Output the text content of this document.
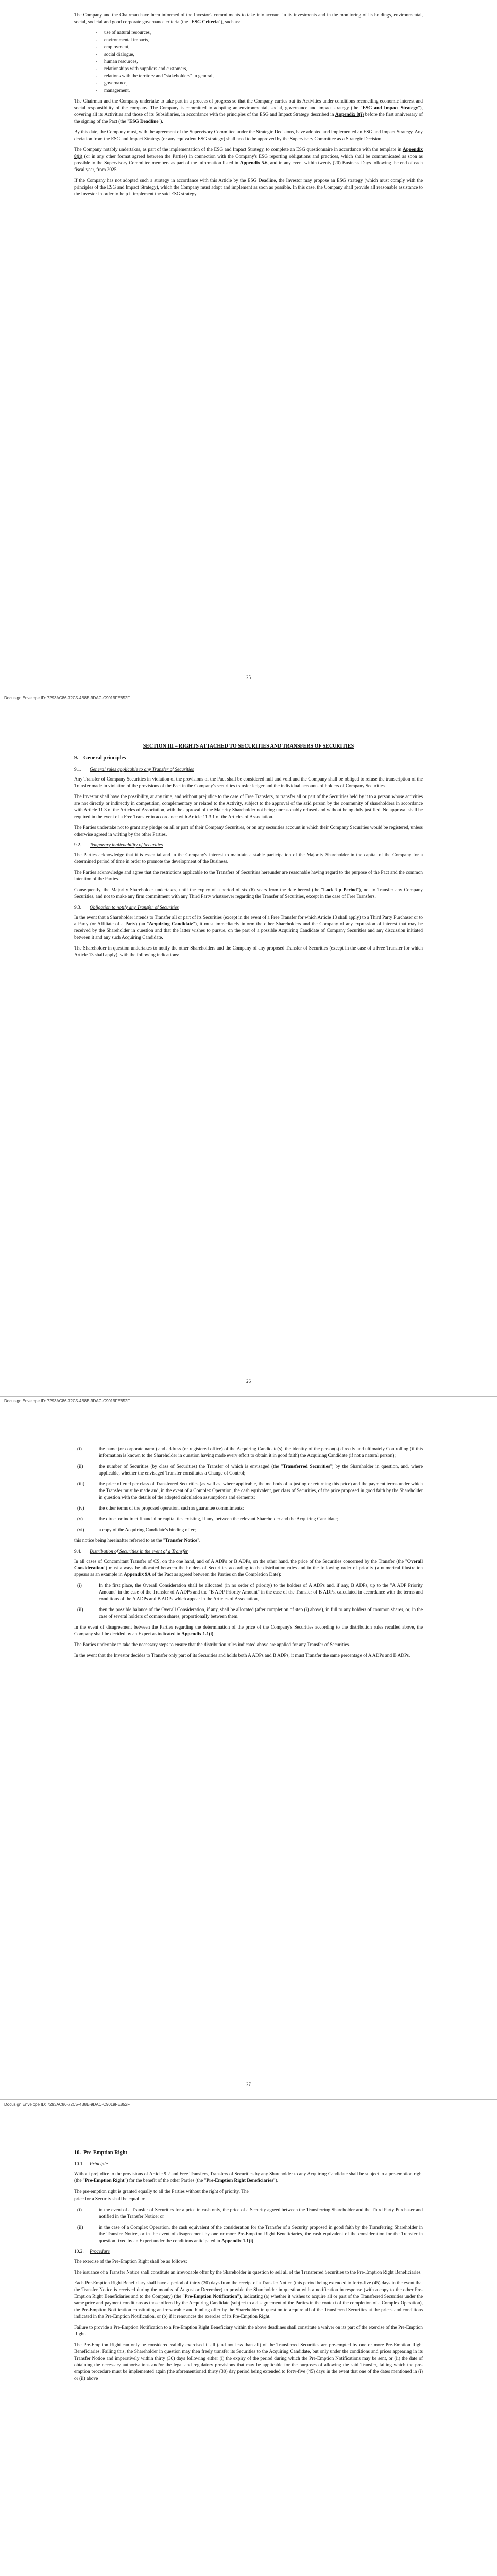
The Company and the Chairman have been informed of the Investor's commitments to take into account in its investments and in the monitoring of its holdings, environmental, social, societal and good corporate governance criteria (the "ESG Criteria"), such as:

- use of natural resources,
- environmental impacts,
- employment,
- social dialogue,
- human resources,
- relationships with suppliers and customers,
- relations with the territory and "stakeholders" in general,
- governance,
- management.

The Chairman and the Company undertake to take part in a process of progress so that the Company carries out its Activities under conditions reconciling economic interest and social responsibility of the company. The Company is committed to adopting an environmental, social, governance and impact strategy (the "ESG and Impact Strategy"), covering all its Activities and those of its Subsidiaries, in accordance with the principles of the ESG and Impact Strategy described in Appendix 8(i) before the first anniversary of the signing of the Pact (the "ESG Deadline").

By this date, the Company must, with the agreement of the Supervisory Committee under the Strategic Decisions, have adopted and implemented an ESG and Impact Strategy. Any deviation from the ESG and Impact Strategy (or any equivalent ESG strategy) shall need to be approved by the Supervisory Committee as a Strategic Decision.

The Company notably undertakes, as part of the implementation of the ESG and Impact Strategy, to complete an ESG questionnaire in accordance with the template in Appendix 8(ii) (or in any other format agreed between the Parties) in connection with the Company's ESG reporting obligations and practices, which shall be communicated as soon as possible to the Supervisory Committee members as part of the information listed in Appendix 5.6, and in any event within twenty (20) Business Days following the end of each fiscal year, from 2025.

If the Company has not adopted such a strategy in accordance with this Article by the ESG Deadline, the Investor may propose an ESG strategy (which must comply with the principles of the ESG and Impact Strategy), which the Company must adopt and implement as soon as possible. In this case, the Company shall provide all reasonable assistance to the Investor in order to help it implement the said ESG strategy.

25
Docusign Envelope ID: 7293AC86-72C5-4B8E-9DAC-C9019FE852F
SECTION III – RIGHTS ATTACHED TO SECURITIES AND TRANSFERS OF SECURITIES
9. General principles
9.1. General rules applicable to any Transfer of Securities

Any Transfer of Company Securities in violation of the provisions of the Pact shall be considered null and void and the Company shall be obliged to refuse the transcription of the Transfer made in violation of the provisions of the Pact in the Company's securities transfer ledger and the individual accounts of holders of Company Securities.

The Investor shall have the possibility, at any time, and without prejudice to the case of Free Transfers, to transfer all or part of the Securities held by it to a person whose activities are not directly or indirectly in competition, complementary or related to the Activity, subject to the approval of the said person by the community of shareholders in accordance with Article 11.3 of the Articles of Association, with the approval of the Majority Shareholder not being unreasonably refused and without being duly justified. No approval shall be required in the event of a Free Transfer in accordance with Article 11.3.1 of the Articles of Association.

The Parties undertake not to grant any pledge on all or part of their Company Securities, or on any securities account in which their Company Securities would be registered, unless otherwise agreed in writing by the other Parties.

9.2. Temporary inalienability of Securities

The Parties acknowledge that it is essential and in the Company's interest to maintain a stable participation of the Majority Shareholder in the capital of the Company for a determined period of time in order to promote the development of the Business.

The Parties acknowledge and agree that the restrictions applicable to the Transfers of Securities hereunder are reasonable having regard to the purpose of the Pact and the common intention of the Parties.

Consequently, the Majority Shareholder undertakes, until the expiry of a period of six (6) years from the date hereof (the "Lock-Up Period"), not to Transfer any Company Securities, and not to make any firm commitment with any Third Party whatsoever regarding the Transfer of Securities, except in the case of Free Transfers.

9.3. Obligation to notify any Transfer of Securities

In the event that a Shareholder intends to Transfer all or part of its Securities (except in the event of a Free Transfer for which Article 13 shall apply) to a Third Party Purchaser or to a Party (or Affiliate of a Party) (an "Acquiring Candidate"), it must immediately inform the other Shareholders and the Company of any expression of interest that may be received by the Shareholder in question and that the latter wishes to pursue, on the part of a possible Acquiring Candidate of Company Securities and any discussion initiated between it and any such Acquiring Candidate.

The Shareholder in question undertakes to notify the other Shareholders and the Company of any proposed Transfer of Securities (except in the case of a Free Transfer for which Article 13 shall apply), with the following indications:

26
Docusign Envelope ID: 7293AC86-72C5-4B8E-9DAC-C9019FE852F
(i)	the name (or corporate name) and address (or registered office) of the Acquiring Candidate(s), the identity of the person(s) directly and ultimately Controlling (if this information is known to the Shareholder in question having made every effort to obtain it in good faith) the Acquiring Candidate (if not a natural person);
(ii)	the number of Securities (by class of Securities) the Transfer of which is envisaged (the "Transferred Securities") by the Shareholder in question, and, where applicable, whether the envisaged Transfer constitutes a Change of Control;
(iii)	the price offered per class of Transferred Securities (as well as, where applicable, the methods of adjusting or returning this price) and the payment terms under which the Transfer must be made and, in the event of a Complex Operation, the cash equivalent, per class of Securities, of the price proposed in good faith by the Shareholder in question with the details of the adopted calculation assumptions and elements;
(iv)	the other terms of the proposed operation, such as guarantee commitments;
(v)	the direct or indirect financial or capital ties existing, if any, between the relevant Shareholder and the Acquiring Candidate;
(vi)	a copy of the Acquiring Candidate's binding offer;

this notice being hereinafter referred to as the "Transfer Notice".

9.4. Distribution of Securities in the event of a Transfer

In all cases of Concomitant Transfer of CS, on the one hand, and of A ADPs or B ADPs, on the other hand, the price of the Securities concerned by the Transfer (the "Overall Consideration") must always be allocated between the holders of Securities according to the distribution rules and in the following order of priority (a numerical illustration appears as an example in Appendix 9A of the Pact as agreed between the Parties on the Completion Date):

(i)	In the first place, the Overall Consideration shall be allocated (in no order of priority) to the holders of A ADPs and, if any, B ADPs, up to the "A ADP Priority Amount" in the case of the Transfer of A ADPs and the "B ADP Priority Amount" in the case of the Transfer of B ADPs, calculated in accordance with the terms and conditions of the A ADPs and B ADPs which appear in the Articles of Association,
(ii)	then the possible balance of the Overall Consideration, if any, shall be allocated (after completion of step (i) above), in full to any holders of common shares, or, in the case of several holders of common shares, proportionally between them.

In the event of disagreement between the Parties regarding the determination of the price of the Company's Securities according to the distribution rules recalled above, the Company shall be decided by an Expert as indicated in Appendix 1.1(i).

The Parties undertake to take the necessary steps to ensure that the distribution rules indicated above are applied for any Transfer of Securities.

In the event that the Investor decides to Transfer only part of its Securities and holds both A ADPs and B ADPs, it must Transfer the same percentage of A ADPs and B ADPs.

27
Docusign Envelope ID: 7293AC86-72C5-4B8E-9DAC-C9019FE852F
10. Pre-Emption Right
10.1. Principle

Without prejudice to the provisions of Article 9.2 and Free Transfers, Transfers of Securities by any Shareholder to any Acquiring Candidate shall be subject to a pre-emption right (the "Pre-Emption Right") for the benefit of the other Parties (the "Pre-Emption Right Beneficiaries").

The pre-emption right is granted equally to all the Parties without the right of priority. The

price for a Security shall be equal to:

(i)	in the event of a Transfer of Securities for a price in cash only, the price of a Security agreed between the Transferring Shareholder and the Third Party Purchaser and notified in the Transfer Notice; or
(ii)	in the case of a Complex Operation, the cash equivalent of the consideration for the Transfer of a Security proposed in good faith by the Transferring Shareholder in the Transfer Notice, or in the event of disagreement by one or more Pre-Emption Right Beneficiaries, the cash equivalent of the consideration for the Transfer in question fixed by an Expert under the conditions anticipated in Appendix 1.1(i).
10.2. Procedure

The exercise of the Pre-Emption Right shall be as follows:

The issuance of a Transfer Notice shall constitute an irrevocable offer by the Shareholder in question to sell all of the Transferred Securities to the Pre-Emption Right Beneficiaries.

Each Pre-Emption Right Beneficiary shall have a period of thirty (30) days from the receipt of a Transfer Notice (this period being extended to forty-five (45) days in the event that the Transfer Notice is received during the months of August or December) to provide the Shareholder in question with a notification in response (with a copy to the other Pre-Emption Right Beneficiaries and to the Company) (the "Pre-Emption Notification"), indicating (a) whether it wishes to acquire all or part of the Transferred Securities under the same price and payment conditions as those offered by the Acquiring Candidate (subject to a disagreement of the Parties in the context of the completion of a Complex Operation), the Pre-Emption Notification constituting an irrevocable and binding offer by the Shareholder in question to acquire all of the Transferred Securities at the prices and conditions indicated in the Pre-Emption Notification, or (b) if it renounces the exercise of its Pre-Emption Right.

Failure to provide a Pre-Emption Notification to a Pre-Emption Right Beneficiary within the above deadlines shall constitute a waiver on its part of the exercise of the Pre-Emption Right.

The Pre-Emption Right can only be considered validly exercised if all (and not less than all) of the Transferred Securities are pre-empted by one or more Pre-Emption Right Beneficiaries. Failing this, the Shareholder in question may then freely transfer its Securities to the Acquiring Candidate, but only under the conditions and prices appearing in its Transfer Notice and imperatively within thirty (30) days following either (i) the expiry of the period during which the Pre-Emption Notifications may be sent, or (ii) the date of obtaining the necessary authorisations and/or the legal and regulatory provisions that may be applicable for the purposes of allowing the said Transfer, failing which the pre-emption procedure must be implemented again (the aforementioned thirty (30) day period being extended to forty-five (45) days in the event that one of the dates mentioned in (i) or (ii) above
